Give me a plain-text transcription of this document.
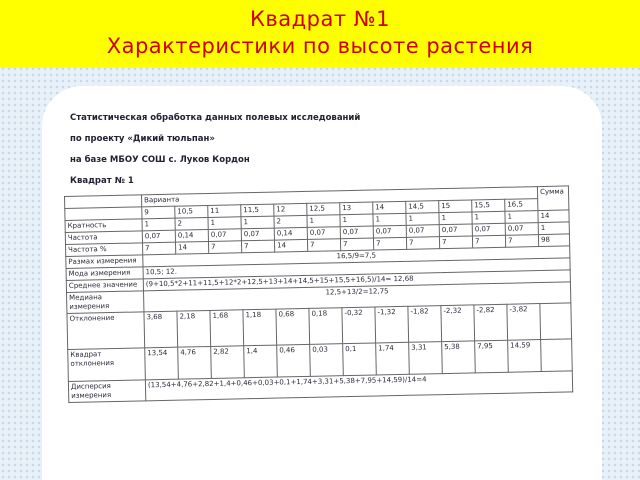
Квадрат №1
Характеристики по высоте растения
Статистическая обработка данных полевых исследований
по проекту «Дикий тюльпан»
на базе МБОУ СОШ с. Луков Кордон
Квадрат № 1
	Варианта												Сумма
	9	10,5	11	11,5	12	12,5	13	14	14,5	15	15,5	16,5	
Кратность	1	2	1	1	2	1	1	1	1	1	1	1	14
Частота	0,07	0,14	0,07	0,07	0,14	0,07	0,07	0,07	0,07	0,07	0,07	0,07	1
Частота %	7	14	7	7	14	7	7	7	7	7	7	7	98
Размах измерения	16,5/9=7,5												
Мода измерения	10,5; 12.												
Среднее значение	(9+10,5*2+11+11,5+12*2+12,5+13+14+14,5+15+15,5+16,5)/14= 12,68												
Медиана измерения	12,5+13/2=12,75												
Отклонение	3,68	2,18	1,68	1,18	0,68	0,18	-0,32	-1,32	-1,82	-2,32	-2,82	-3,82	
Квадрат отклонения	13,54	4,76	2,82	1,4	0,46	0,03	0,1	1,74	3,31	5,38	7,95	14,59	
Дисперсия измерения	(13,54+4,76+2,82+1,4+0,46+0,03+0,1+1,74+3,31+5,38+7,95+14,59)/14=4												
